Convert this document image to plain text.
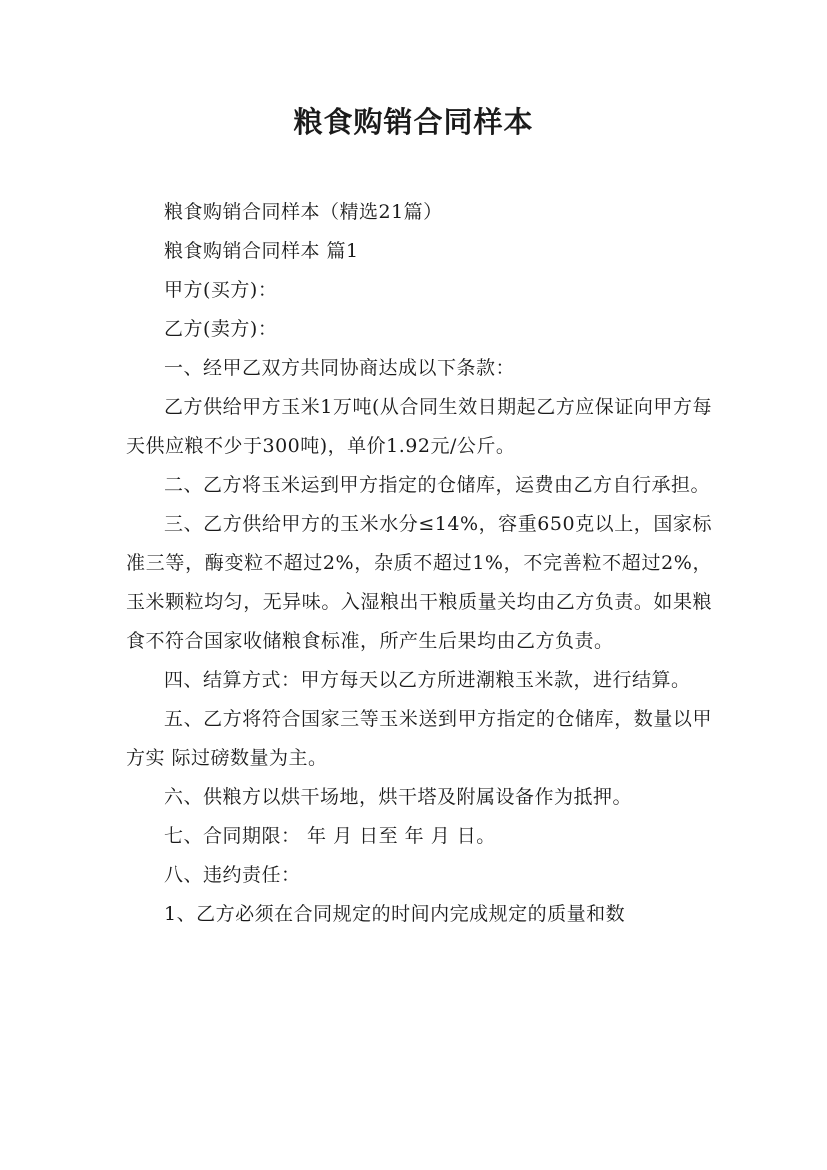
粮食购销合同样本

粮食购销合同样本（精选21篇）

粮食购销合同样本 篇1

甲方(买方)：

乙方(卖方)：

一、经甲乙双方共同协商达成以下条款：

乙方供给甲方玉米1万吨(从合同生效日期起乙方应保证向甲方每天供应粮不少于300吨)，单价1.92元/公斤。

二、乙方将玉米运到甲方指定的仓储库，运费由乙方自行承担。

三、乙方供给甲方的玉米水分≤14%，容重650克以上，国家标准三等，酶变粒不超过2%，杂质不超过1%，不完善粒不超过2%，玉米颗粒均匀，无异味。入湿粮出干粮质量关均由乙方负责。如果粮食不符合国家收储粮食标准，所产生后果均由乙方负责。

四、结算方式：甲方每天以乙方所进潮粮玉米款，进行结算。

五、乙方将符合国家三等玉米送到甲方指定的仓储库，数量以甲方实 际过磅数量为主。

六、供粮方以烘干场地，烘干塔及附属设备作为抵押。

七、合同期限： 年 月 日至 年 月 日。

八、违约责任：

1、乙方必须在合同规定的时间内完成规定的质量和数
